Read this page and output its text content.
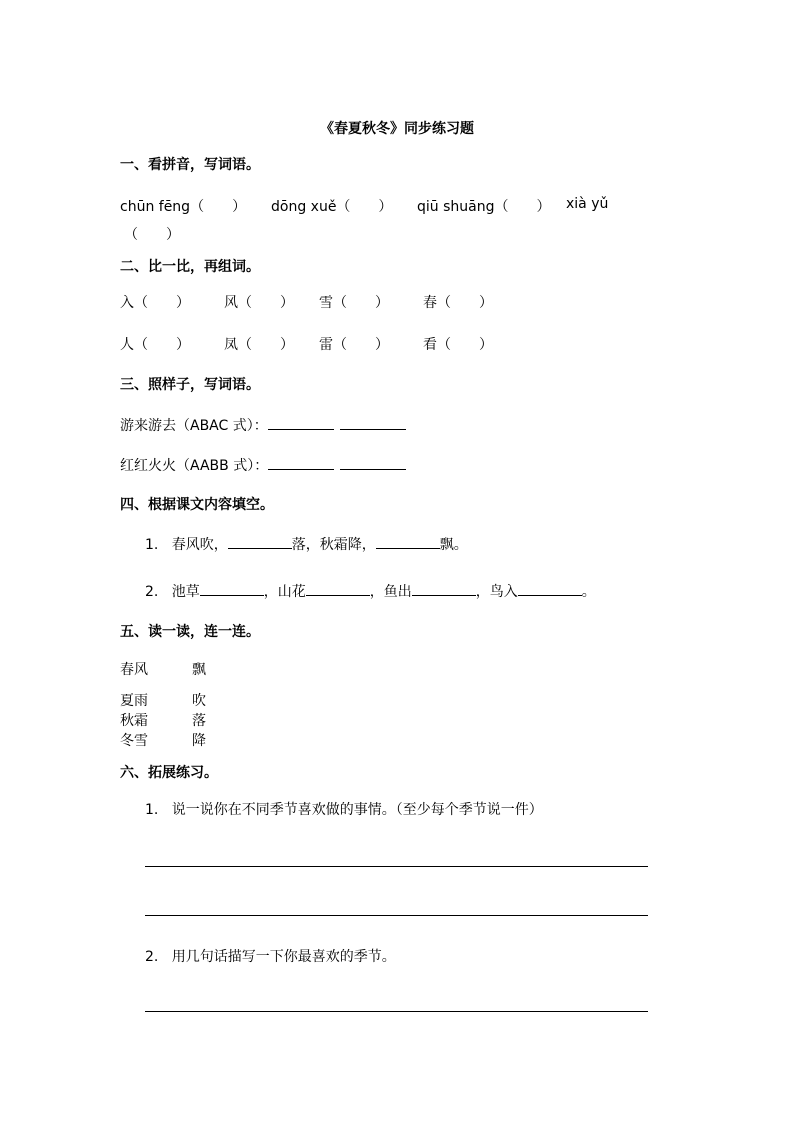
《春夏秋冬》同步练习题
一、看拼音，写词语。
chūn fēng（　　） dōng xuě（　　） qiū shuāng（　　） xià yǔ
（　　）
二、比一比，再组词。
入（　　） 风（　　） 雪（　　） 春（　　）
人（　　） 凤（　　） 雷（　　） 看（　　）
三、照样子，写词语。
游来游去（ABAC 式）：
红红火火（AABB 式）：
四、根据课文内容填空。
1. 春风吹，	落，秋霜降，	飘。
2. 池草	，山花	，鱼出	，鸟入	。
五、读一读，连一连。
春风	飘
夏雨	吹
秋霜	落
冬雪	降
六、拓展练习。
1. 说一说你在不同季节喜欢做的事情。（至少每个季节说一件）
2. 用几句话描写一下你最喜欢的季节。
